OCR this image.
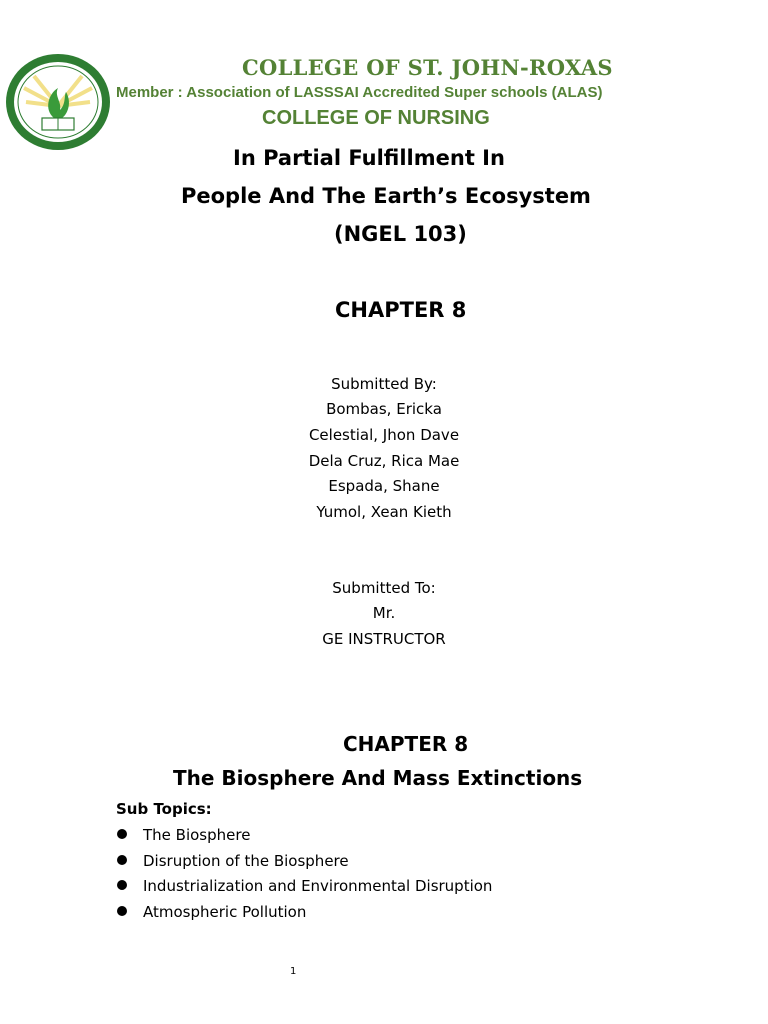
COLLEGE OF ST. JOHN-ROXAS
Member : Association of LASSSAI Accredited Super schools (ALAS)
COLLEGE OF NURSING
In Partial Fulfillment In
People And The Earth’s Ecosystem
(NGEL 103)
CHAPTER 8
Submitted By:
Bombas, Ericka
Celestial, Jhon Dave
Dela Cruz, Rica Mae
Espada, Shane
Yumol, Xean Kieth
Submitted To:
Mr.
GE INSTRUCTOR
CHAPTER 8
The Biosphere And Mass Extinctions
Sub Topics:
The Biosphere
Disruption of the Biosphere
Industrialization and Environmental Disruption
Atmospheric Pollution
1
